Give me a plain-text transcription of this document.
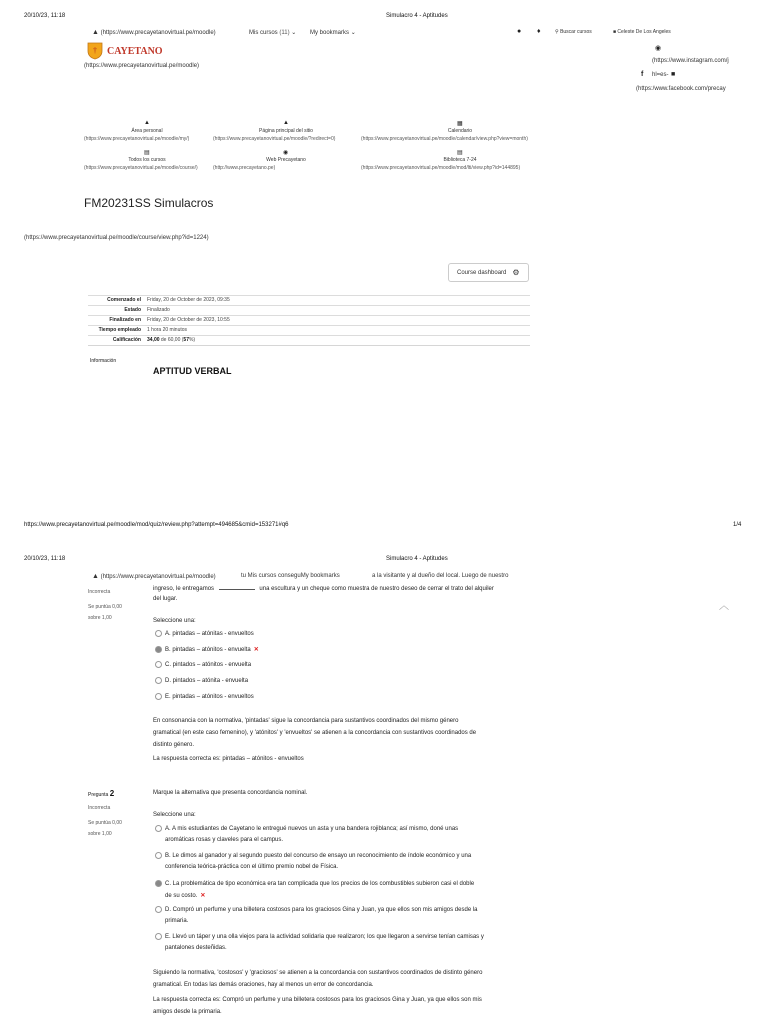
20/10/23, 11:18	Simulacro 4 - Aptitudes
▲ (https://www.precayetanovirtual.pe/moodle)	Mis cursos (11) ⌄ My bookmarks ⌄	● ♦	⚲ Buscar cursos	■ Celeste De Los Angeles
† CAYETANO
(https://www.precayetanovirtual.pe/moodle)
◉
(https://www.instagram.com/j
f hl=es- ■
(https:/www.facebook.com/precay
▲
Área personal
(https://www.precayetanovirtual.pe/moodle/my/)
▲
Página principal del sitio
(https://www.precayetanovirtual.pe/moodle/?redirect=0)
▦
Calendario
(https://www.precayetanovirtual.pe/moodle/calendar/view.php?view=month)
▤
Todos los cursos
(https://www.precayetanovirtual.pe/moodle/course/)
◉
Web Precayetano
(http://www.precayetano.pe)
▤
Biblioteca 7-24
(https://www.precayetanovirtual.pe/moodle/mod/lti/view.php?id=144895)
FM20231SS Simulacros
(https://www.precayetanovirtual.pe/moodle/course/view.php?id=1224)
Course dashboard ⚙
Comenzado el Friday, 20 de October de 2023, 09:35
Estado Finalizado
Finalizado en Friday, 20 de October de 2023, 10:55
Tiempo empleado 1 hora 20 minutos
Calificación 34,00 de 60,00 (57%)
Información
APTITUD VERBAL
https://www.precayetanovirtual.pe/moodle/mod/quiz/review.php?attempt=494685&cmid=153271#q6	1/4
20/10/23, 11:18	Simulacro 4 - Aptitudes
▲ (https://www.precayetanovirtual.pe/moodle)	tu Mis cursos conseguMy bookmarks	a la visitante y al dueño del local. Luego de nuestro
Incorrecta
Se puntúa 0,00
sobre 1,00
ingreso, le entregamos	una escultura y un cheque como muestra de nuestro deseo de cerrar el trato del alquiler
del lugar.
︿
Seleccione una:
A. pintadas – atónitas - envueltos
B. pintadas – atónitos - envuelta ✕
C. pintados – atónitos - envuelta
D. pintados – atónita - envuelta
E. pintadas – atónitos - envueltos
En consonancia con la normativa, 'pintadas' sigue la concordancia para sustantivos coordinados del mismo género
gramatical (en este caso femenino), y 'atónitos' y 'envueltos' se atienen a la concordancia con sustantivos coordinados de
distinto género.
La respuesta correcta es: pintadas – atónitos - envueltos
Pregunta 2
Incorrecta
Se puntúa 0,00
sobre 1,00
Marque la alternativa que presenta concordancia nominal.
Seleccione una:
A. A mis estudiantes de Cayetano le entregué nuevos un asta y una bandera rojiblanca; así mismo, doné unas
aromáticas rosas y claveles para el campus.
B. Le dimos al ganador y al segundo puesto del concurso de ensayo un reconocimiento de índole económico y una
conferencia teórica-práctica con el último premio nobel de Física.
C. La problemática de tipo económica era tan complicada que los precios de los combustibles subieron casi el doble
de su costo. ✕
D. Compró un perfume y una billetera costosos para los graciosos Gina y Juan, ya que ellos son mis amigos desde la
primaria.
E. Llevó un táper y una olla viejos para la actividad solidaria que realizaron; los que llegaron a servirse tenían camisas y
pantalones desteñidas.
Siguiendo la normativa, 'costosos' y 'graciosos' se atienen a la concordancia con sustantivos coordinados de distinto género
gramatical. En todas las demás oraciones, hay al menos un error de concordancia.
La respuesta correcta es: Compró un perfume y una billetera costosos para los graciosos Gina y Juan, ya que ellos son mis
amigos desde la primaria.
